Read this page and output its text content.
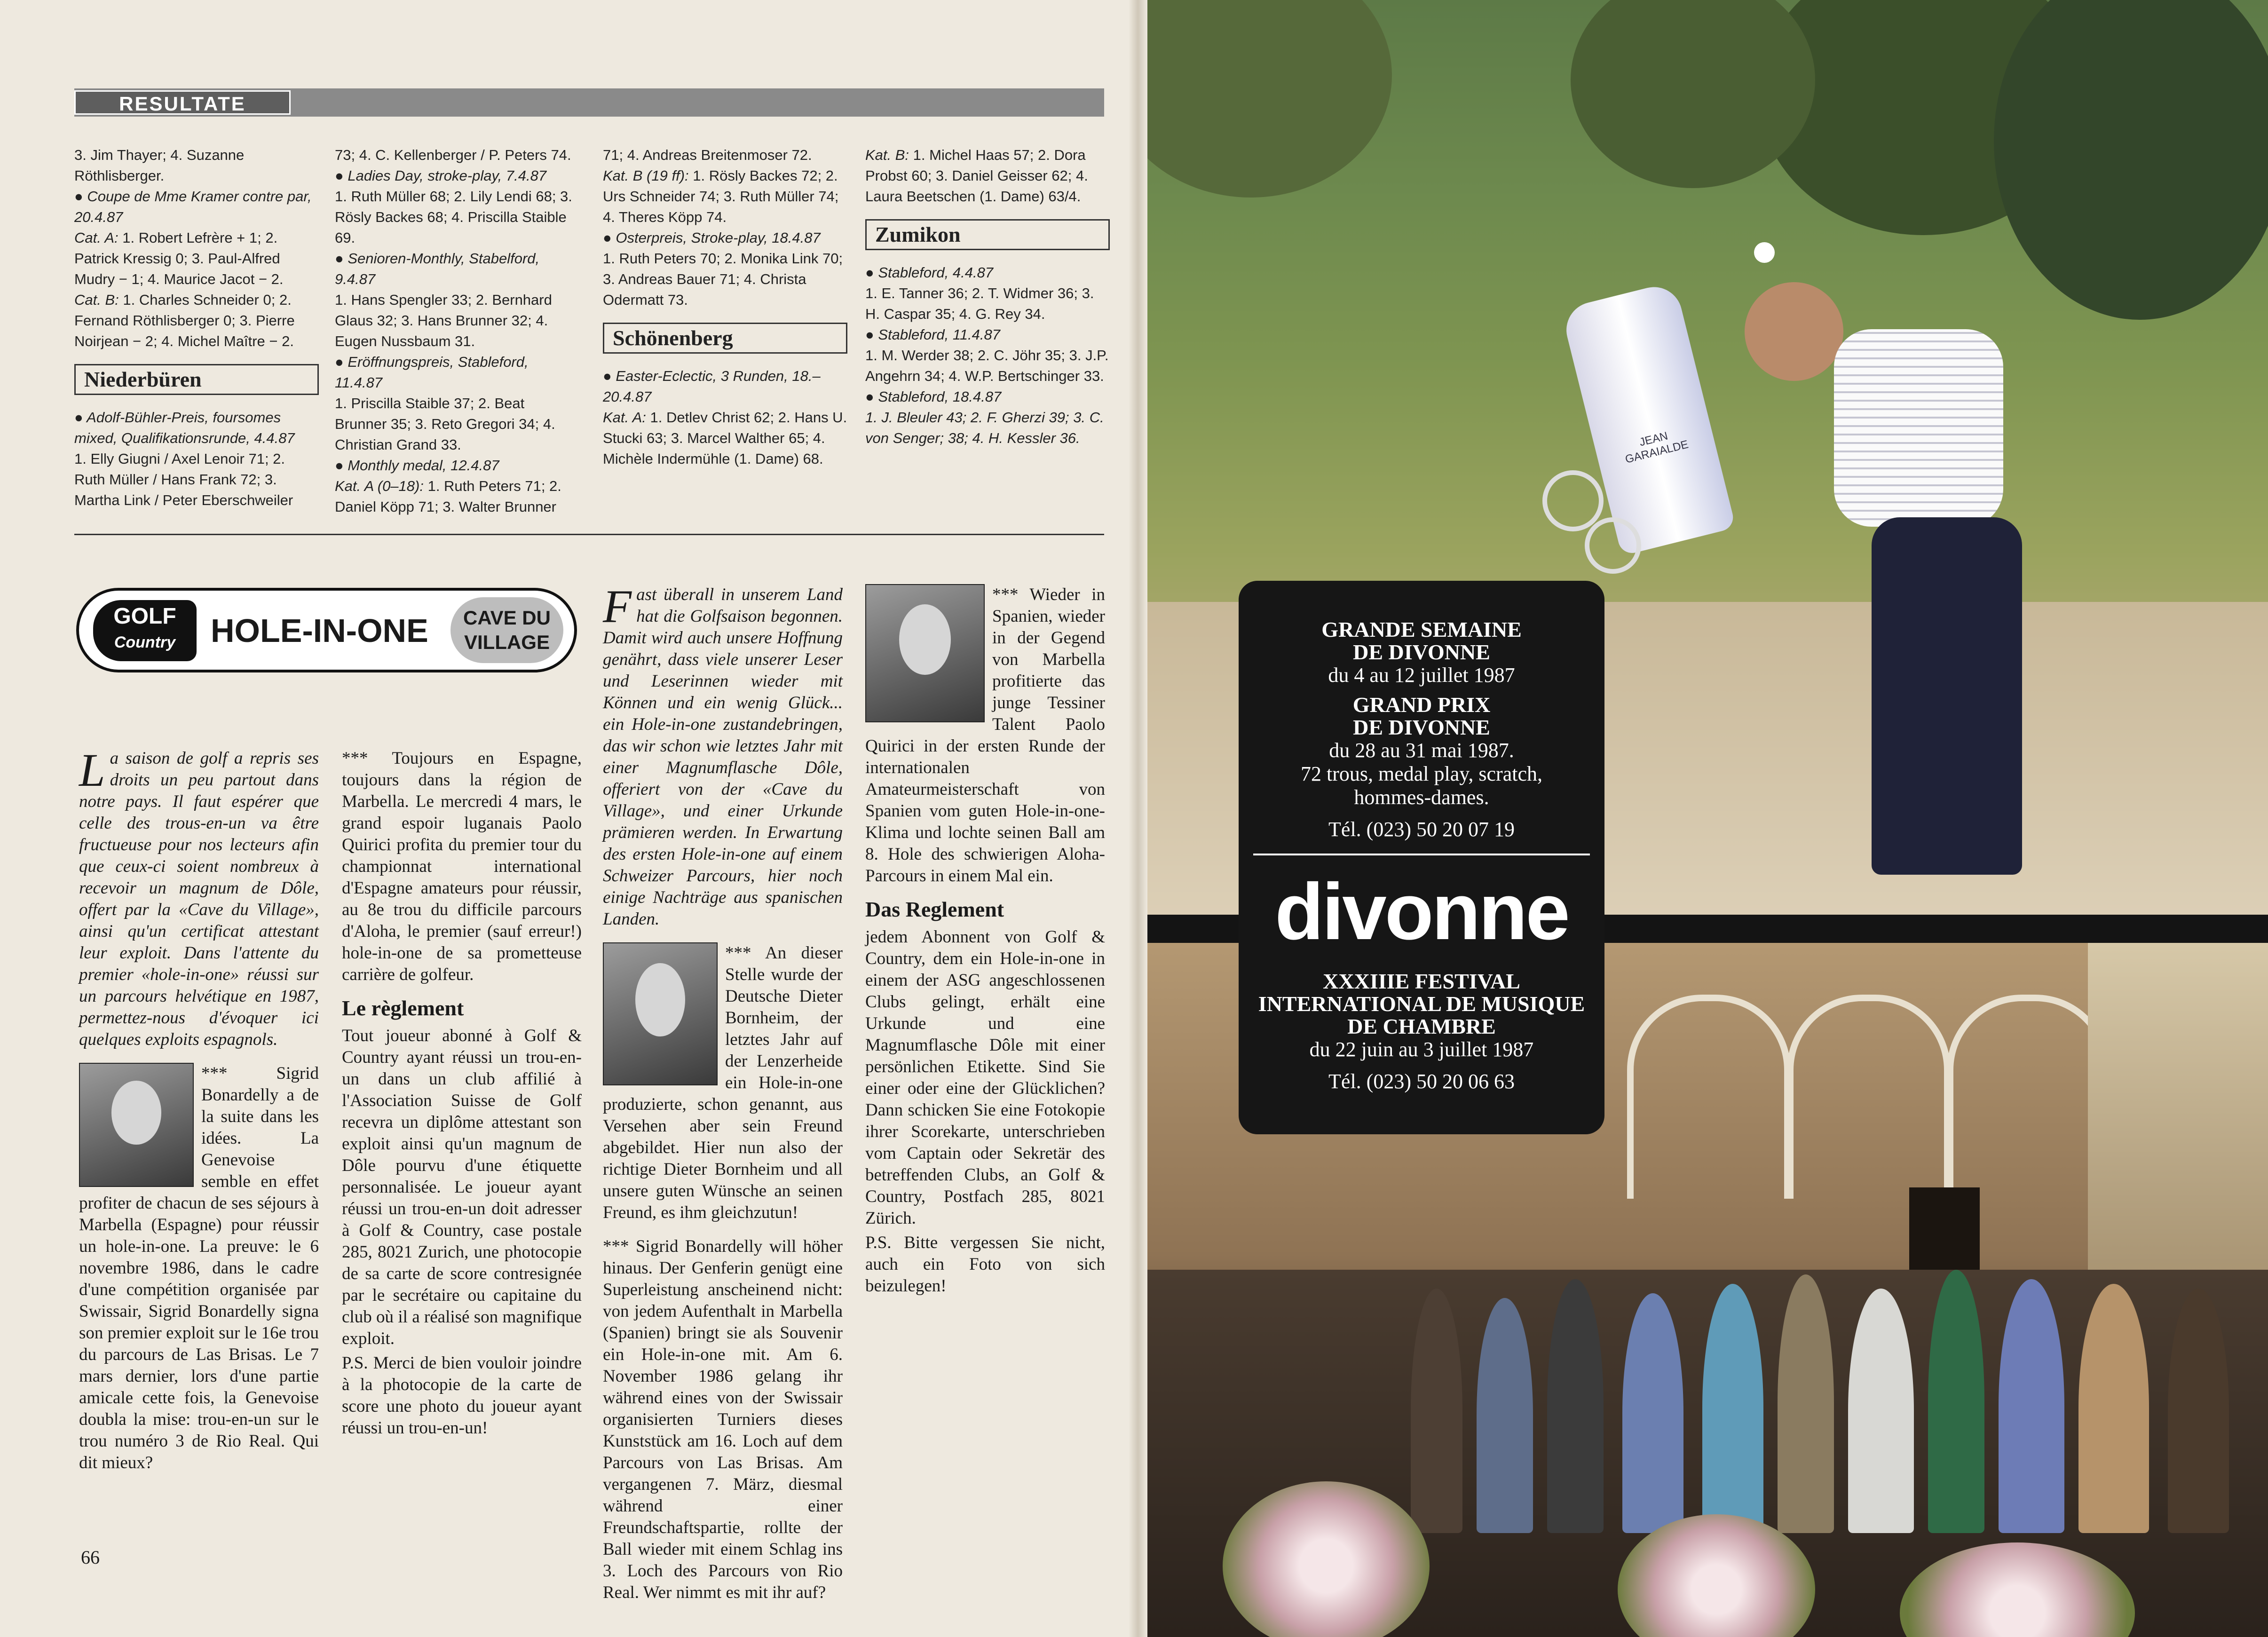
RESULTATE

3. Jim Thayer; 4. Suzanne Röthlisberger.

● Coupe de Mme Kramer contre par, 20.4.87

Cat. A: 1. Robert Lefrère + 1; 2. Patrick Kressig 0; 3. Paul-Alfred Mudry − 1; 4. Maurice Jacot − 2.

Cat. B: 1. Charles Schneider 0; 2. Fernand Röthlisberger 0; 3. Pierre Noirjean − 2; 4. Michel Maître − 2.

Niederbüren

● Adolf-Bühler-Preis, foursomes mixed, Qualifikationsrunde, 4.4.87

1. Elly Giugni / Axel Lenoir 71; 2. Ruth Müller / Hans Frank 72; 3. Martha Link / Peter Eberschweiler

73; 4. C. Kellenberger / P. Peters 74.

● Ladies Day, stroke-play, 7.4.87

1. Ruth Müller 68; 2. Lily Lendi 68; 3. Rösly Backes 68; 4. Priscilla Staible 69.

● Senioren-Monthly, Stabelford, 9.4.87

1. Hans Spengler 33; 2. Bernhard Glaus 32; 3. Hans Brunner 32; 4. Eugen Nussbaum 31.

● Eröffnungspreis, Stableford, 11.4.87

1. Priscilla Staible 37; 2. Beat Brunner 35; 3. Reto Gregori 34; 4. Christian Grand 33.

● Monthly medal, 12.4.87

Kat. A (0–18): 1. Ruth Peters 71; 2. Daniel Köpp 71; 3. Walter Brunner

71; 4. Andreas Breitenmoser 72.

Kat. B (19 ff): 1. Rösly Backes 72; 2. Urs Schneider 74; 3. Ruth Müller 74; 4. Theres Köpp 74.

● Osterpreis, Stroke-play, 18.4.87

1. Ruth Peters 70; 2. Monika Link 70; 3. Andreas Bauer 71; 4. Christa Odermatt 73.

Schönenberg

● Easter-Eclectic, 3 Runden, 18.–20.4.87

Kat. A: 1. Detlev Christ 62; 2. Hans U. Stucki 63; 3. Marcel Walther 65; 4. Michèle Indermühle (1. Dame) 68.

Kat. B: 1. Michel Haas 57; 2. Dora Probst 60; 3. Daniel Geisser 62; 4. Laura Beetschen (1. Dame) 63/4.

Zumikon

● Stableford, 4.4.87

1. E. Tanner 36; 2. T. Widmer 36; 3. H. Caspar 35; 4. G. Rey 34.

● Stableford, 11.4.87

1. M. Werder 38; 2. C. Jöhr 35; 3. J.P. Angehrn 34; 4. W.P. Bertschinger 33.

● Stableford, 18.4.87

1. J. Bleuler 43; 2. F. Gherzi 39; 3. C. von Senger; 38; 4. H. Kessler 36.

GOLF
Country	HOLE-IN-ONE	CAVE DU
VILLAGE

La saison de golf a repris ses droits un peu partout dans notre pays. Il faut espérer que celle des trous-en-un va être fructueuse pour nos lecteurs afin que ceux-ci soient nombreux à recevoir un magnum de Dôle, offert par la «Cave du Village», ainsi qu'un certificat attestant leur exploit. Dans l'attente du premier «hole-in-one» réussi sur un parcours helvétique en 1987, permettez-nous d'évoquer ici quelques exploits espagnols.

*** Sigrid Bonardelly a de la suite dans les idées. La Genevoise semble en effet profiter de chacun de ses séjours à Marbella (Espagne) pour réussir un hole-in-one. La preuve: le 6 novembre 1986, dans le cadre d'une compétition organisée par Swissair, Sigrid Bonardelly signa son premier exploit sur le 16e trou du parcours de Las Brisas. Le 7 mars dernier, lors d'une partie amicale cette fois, la Genevoise doubla la mise: trou-en-un sur le trou numéro 3 de Rio Real. Qui dit mieux?

*** Toujours en Espagne, toujours dans la région de Marbella. Le mercredi 4 mars, le grand espoir luganais Paolo Quirici profita du premier tour du championnat international d'Espagne amateurs pour réussir, au 8e trou du difficile parcours d'Aloha, le premier (sauf erreur!) hole-in-one de sa prometteuse carrière de golfeur.

Le règlement

Tout joueur abonné à Golf & Country ayant réussi un trou-en-un dans un club affilié à l'Association Suisse de Golf recevra un diplôme attestant son exploit ainsi qu'un magnum de Dôle pourvu d'une étiquette personnalisée. Le joueur ayant réussi un trou-en-un doit adresser à Golf & Country, case postale 285, 8021 Zurich, une photocopie de sa carte de score contresignée par le secrétaire ou capitaine du club où il a réalisé son magnifique exploit.

P.S. Merci de bien vouloir joindre à la photocopie de la carte de score une photo du joueur ayant réussi un trou-en-un!

Fast überall in unserem Land hat die Golfsaison begonnen. Damit wird auch unsere Hoffnung genährt, dass viele unserer Leser und Leserinnen wieder mit Können und ein wenig Glück... ein Hole-in-one zustandebringen, das wir schon wie letztes Jahr mit einer Magnumflasche Dôle, offeriert von der «Cave du Village», und einer Urkunde prämieren werden. In Erwartung des ersten Hole-in-one auf einem Schweizer Parcours, hier noch einige Nachträge aus spanischen Landen.

*** An dieser Stelle wurde der Deutsche Dieter Bornheim, der letztes Jahr auf der Lenzerheide ein Hole-in-one produzierte, schon genannt, aus Versehen aber sein Freund abgebildet. Hier nun also der richtige Dieter Bornheim und all unsere guten Wünsche an seinen Freund, es ihm gleichzutun!

*** Sigrid Bonardelly will höher hinaus. Der Genferin genügt eine Superleistung anscheinend nicht: von jedem Aufenthalt in Marbella (Spanien) bringt sie als Souvenir ein Hole-in-one mit. Am 6. November 1986 gelang ihr während eines von der Swissair organisierten Turniers dieses Kunststück am 16. Loch auf dem Parcours von Las Brisas. Am vergangenen 7. März, diesmal während einer Freundschaftspartie, rollte der Ball wieder mit einem Schlag ins 3. Loch des Parcours von Rio Real. Wer nimmt es mit ihr auf?

*** Wieder in Spanien, wieder in der Gegend von Marbella profitierte das junge Tessiner Talent Paolo Quirici in der ersten Runde der internationalen Amateurmeisterschaft von Spanien vom guten Hole-in-one-Klima und lochte seinen Ball am 8. Hole des schwierigen Aloha-Parcours in einem Mal ein.

Das Reglement

jedem Abonnent von Golf & Country, dem ein Hole-in-one in einem der ASG angeschlossenen Clubs gelingt, erhält eine Urkunde und eine Magnumflasche Dôle mit einer persönlichen Etikette. Sind Sie einer oder eine der Glücklichen? Dann schicken Sie eine Fotokopie ihrer Scorekarte, unterschrieben vom Captain oder Sekretär des betreffenden Clubs, an Golf & Country, Postfach 285, 8021 Zürich.

P.S. Bitte vergessen Sie nicht, auch ein Foto von sich beizulegen!

66
JEAN GARAIALDE
GRANDE SEMAINE
DE DIVONNE
du 4 au 12 juillet 1987
GRAND PRIX
DE DIVONNE
du 28 au 31 mai 1987.
72 trous, medal play, scratch,
hommes-dames.
Tél. (023) 50 20 07 19
divonne
XXXIIIE FESTIVAL
INTERNATIONAL DE MUSIQUE
DE CHAMBRE
du 22 juin au 3 juillet 1987
Tél. (023) 50 20 06 63
